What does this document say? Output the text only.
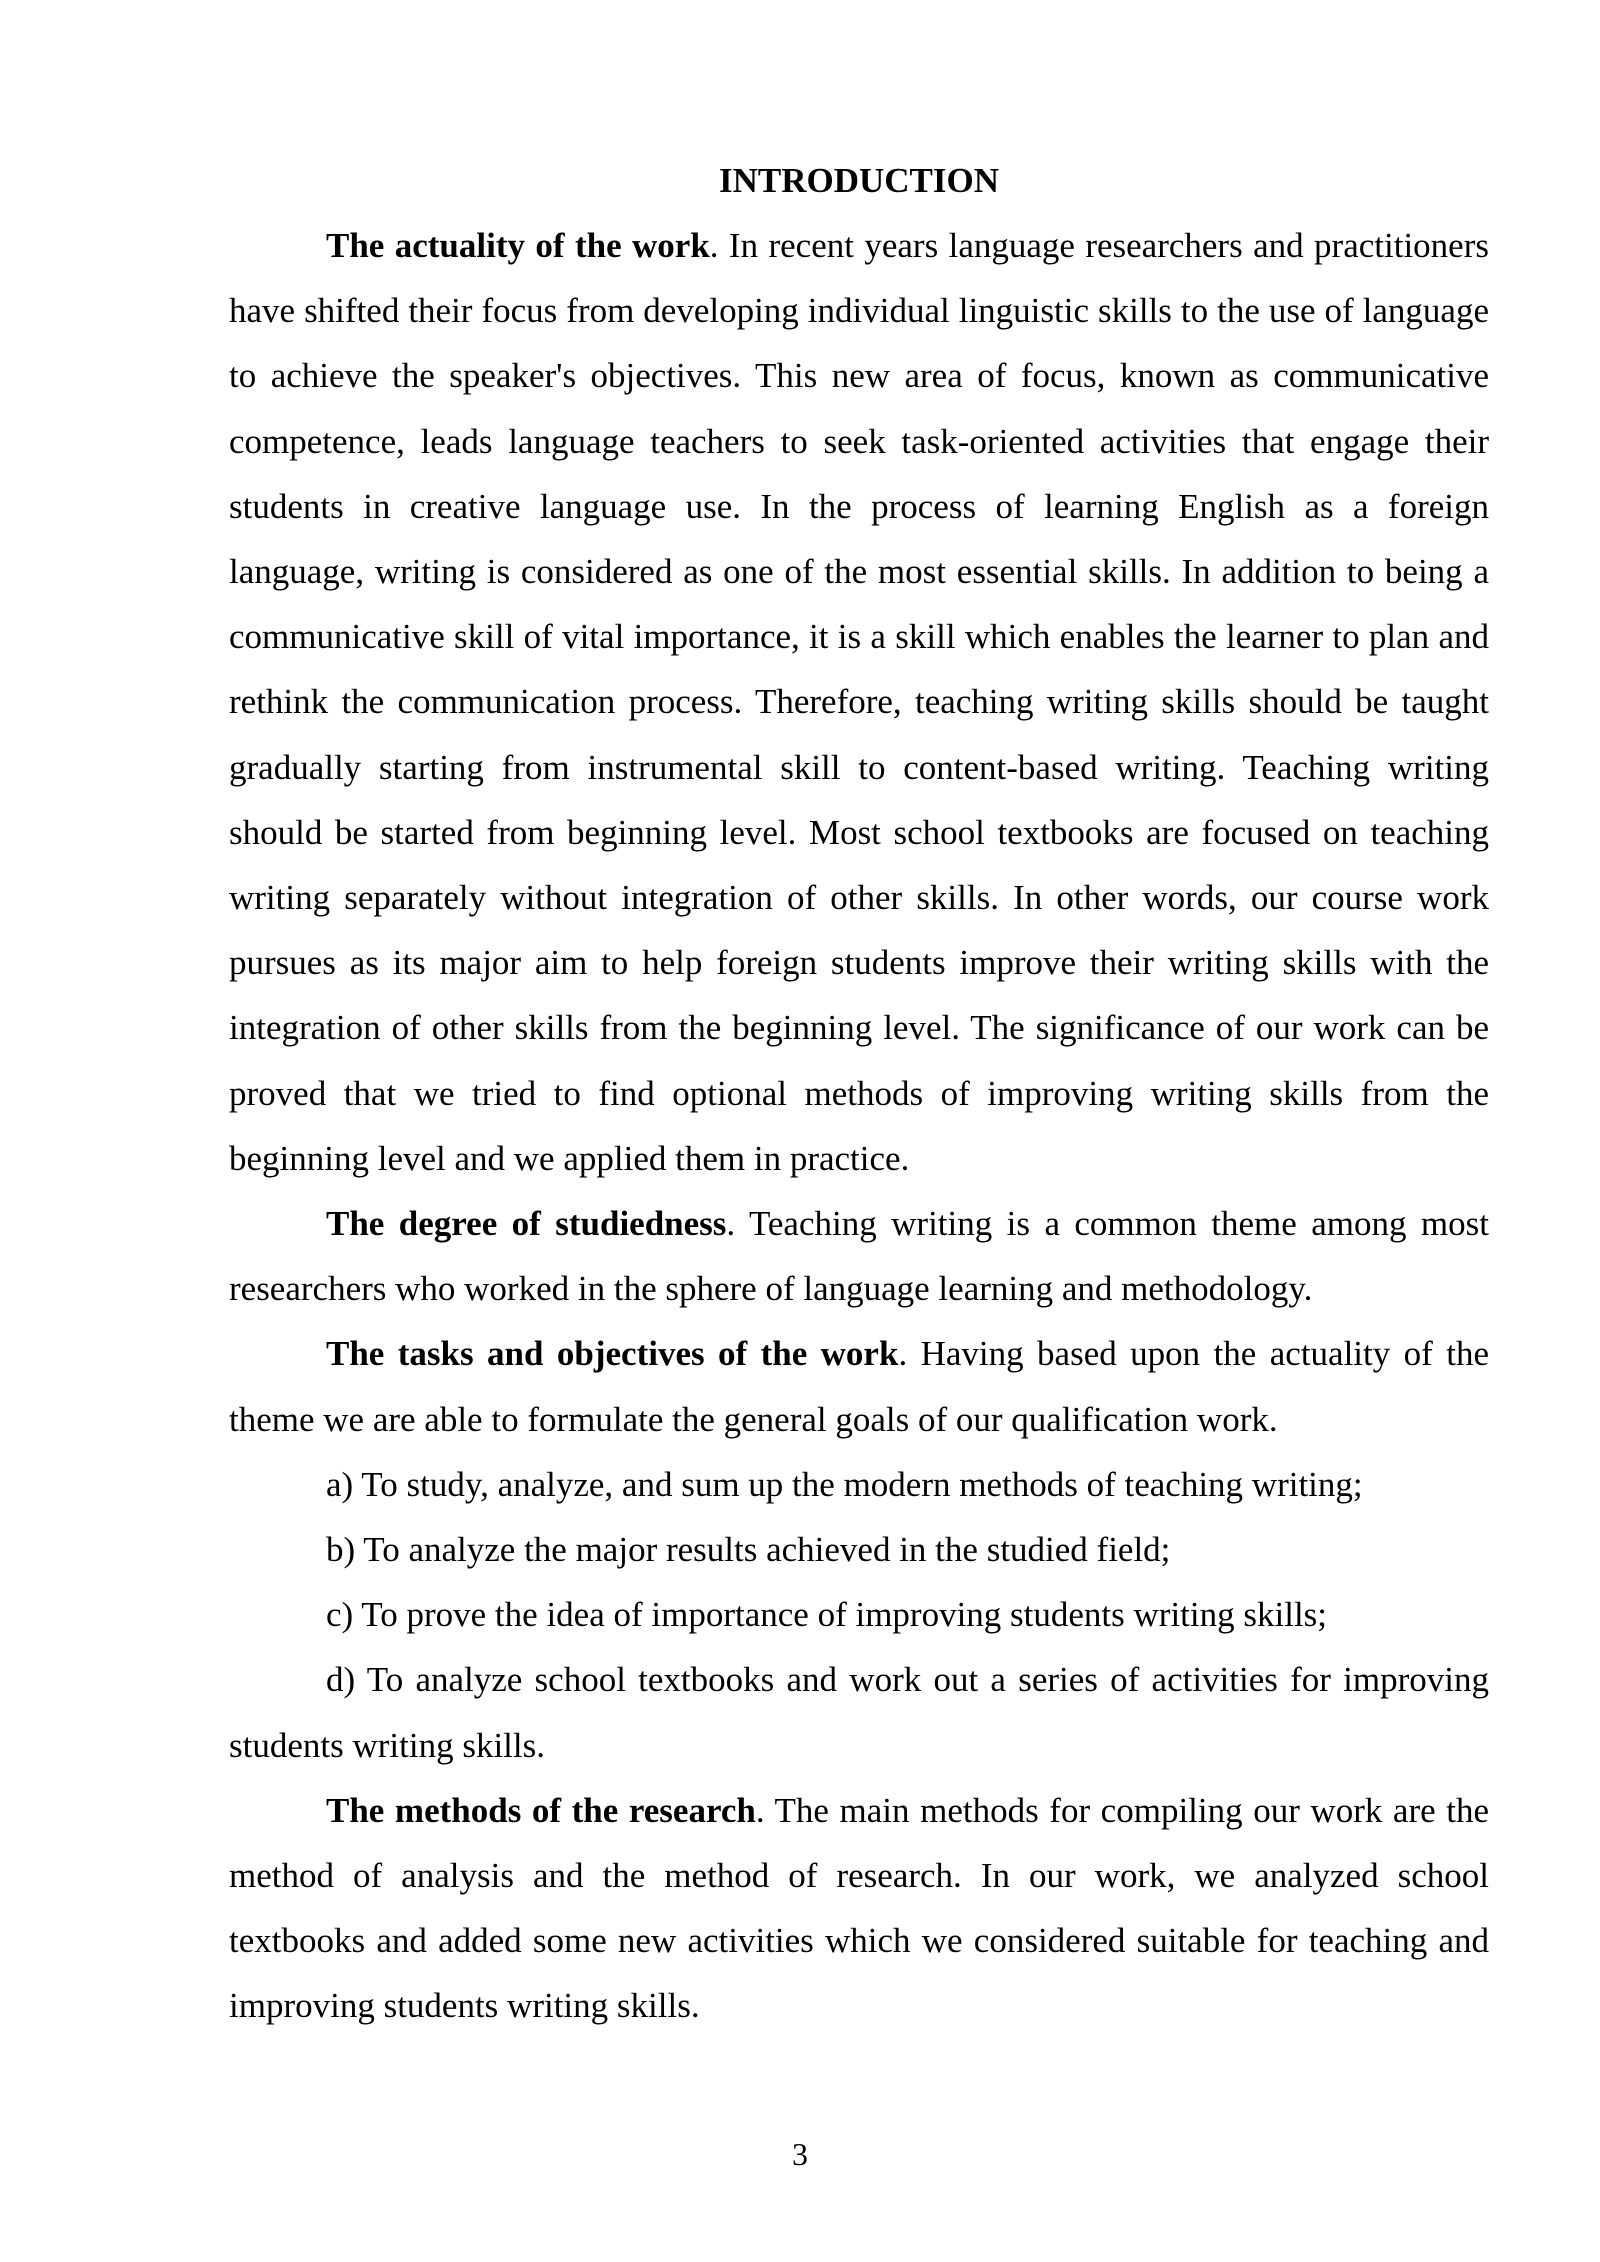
INTRODUCTION

The actuality of the work. In recent years language researchers and practitioners have shifted their focus from developing individual linguistic skills to the use of language to achieve the speaker's objectives. This new area of focus, known as communicative competence, leads language teachers to seek task-oriented activities that engage their students in creative language use. In the process of learning English as a foreign language, writing is considered as one of the most essential skills. In addition to being a communicative skill of vital importance, it is a skill which enables the learner to plan and rethink the communication process. Therefore, teaching writing skills should be taught gradually starting from instrumental skill to content-based writing. Teaching writing should be started from beginning level. Most school textbooks are focused on teaching writing separately without integration of other skills. In other words, our course work pursues as its major aim to help foreign students improve their writing skills with the integration of other skills from the beginning level. The significance of our work can be proved that we tried to find optional methods of improving writing skills from the beginning level and we applied them in practice.

The degree of studiedness. Teaching writing is a common theme among most researchers who worked in the sphere of language learning and methodology.

The tasks and objectives of the work. Having based upon the actuality of the theme we are able to formulate the general goals of our qualification work.

a) To study, analyze, and sum up the modern methods of teaching writing;

b) To analyze the major results achieved in the studied field;

c) To prove the idea of importance of improving students writing skills;

d) To analyze school textbooks and work out a series of activities for improving students writing skills.

The methods of the research. The main methods for compiling our work are the method of analysis and the method of research. In our work, we analyzed school textbooks and added some new activities which we considered suitable for teaching and improving students writing skills.

3
